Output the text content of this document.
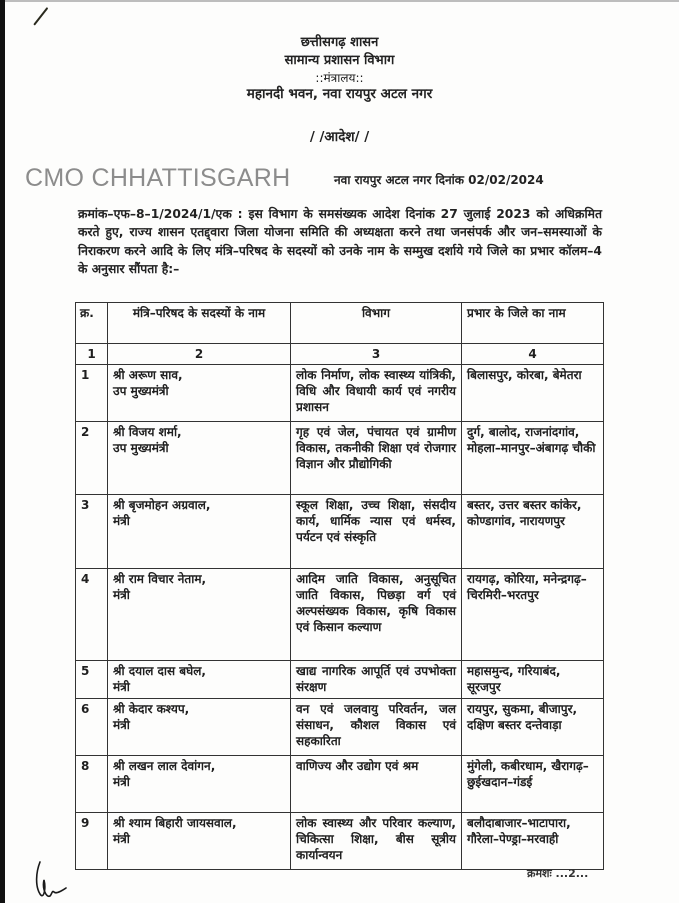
छत्तीसगढ़ शासन
सामान्य प्रशासन विभाग
::मंत्रालय::
महानदी भवन, नवा रायपुर अटल नगर
/ /आदेश/ /
CMO CHHATTISGARH	नवा रायपुर अटल नगर दिनांक 02/02/2024
क्रमांक–एफ–8–1/2024/1/एक : इस विभाग के समसंख्यक आदेश दिनांक 27 जुलाई 2023 को अधिक्रमित करते हुए, राज्य शासन एतद्द्वारा जिला योजना समिति की अध्यक्षता करने तथा जनसंपर्क और जन–समस्याओं के निराकरण करने आदि के लिए मंत्रि–परिषद के सदस्यों को उनके नाम के सम्मुख दर्शाये गये जिले का प्रभार कॉलम–4 के अनुसार सौंपता है:–
क्र.	मंत्रि–परिषद के सदस्यों के नाम	विभाग	प्रभार के जिले का नाम
1	2	3	4
1	श्री अरूण साव,
उप मुख्यमंत्री	लोक निर्माण, लोक स्वास्थ्य यांत्रिकी, विधि और विधायी कार्य एवं नगरीय प्रशासन	बिलासपुर, कोरबा, बेमेतरा
2	श्री विजय शर्मा,
उप मुख्यमंत्री	गृह एवं जेल, पंचायत एवं ग्रामीण विकास, तकनीकी शिक्षा एवं रोजगार विज्ञान और प्रौद्योगिकी	दुर्ग, बालोद, राजनांदगांव, मोहला–मानपुर–अंबागढ़ चौकी
3	श्री बृजमोहन अग्रवाल,
मंत्री	स्कूल शिक्षा, उच्च शिक्षा, संसदीय कार्य, धार्मिक न्यास एवं धर्मस्व, पर्यटन एवं संस्कृति	बस्तर, उत्तर बस्तर कांकेर, कोण्डागांव, नारायणपुर
4	श्री राम विचार नेताम,
मंत्री	आदिम जाति विकास, अनुसूचित जाति विकास, पिछड़ा वर्ग एवं अल्पसंख्यक विकास, कृषि विकास एवं किसान कल्याण	रायगढ़, कोरिया, मनेन्द्रगढ़–चिरमिरी–भरतपुर
5	श्री दयाल दास बघेल,
मंत्री	खाद्य नागरिक आपूर्ति एवं उपभोक्ता संरक्षण	महासमुन्द, गरियाबंद, सूरजपुर
6	श्री केदार कश्यप,
मंत्री	वन एवं जलवायु परिवर्तन, जल संसाधन, कौशल विकास एवं सहकारिता	रायपुर, सुकमा, बीजापुर, दक्षिण बस्तर दन्तेवाड़ा
8	श्री लखन लाल देवांगन,
मंत्री	वाणिज्य और उद्योग एवं श्रम	मुंगेली, कबीरधाम, खैरागढ़–छुईखदान–गंडई
9	श्री श्याम बिहारी जायसवाल,
मंत्री	लोक स्वास्थ्य और परिवार कल्याण, चिकित्सा शिक्षा, बीस सूत्रीय कार्यान्वयन	बलौदाबाजार–भाटापारा, गौरेला–पेण्ड्रा–मरवाही
क्रमशः ...2...
